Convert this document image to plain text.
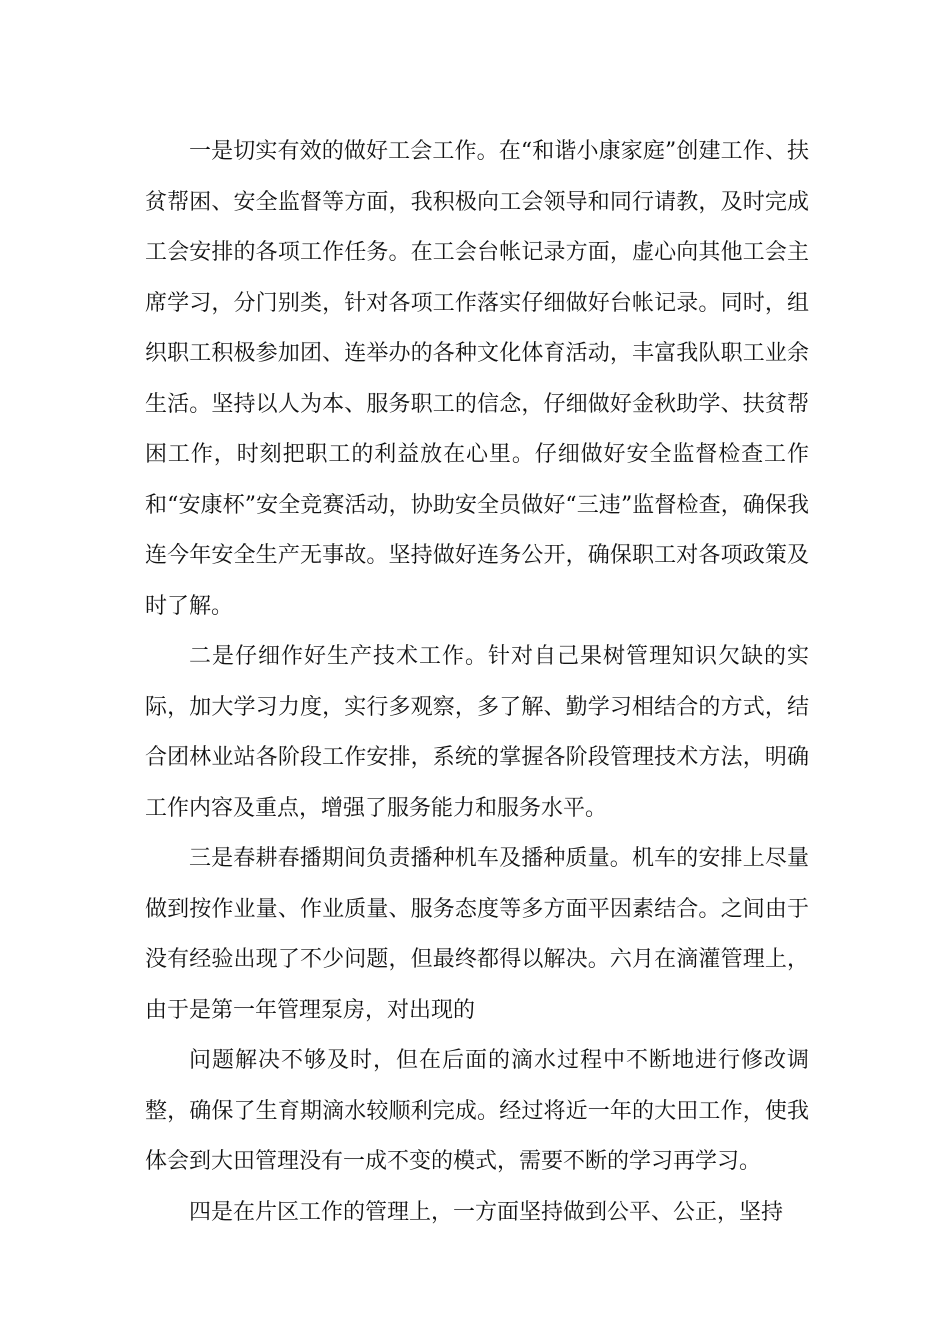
一是切实有效的做好工会工作。在“和谐小康家庭”创建工作、扶贫帮困、安全监督等方面，我积极向工会领导和同行请教，及时完成工会安排的各项工作任务。在工会台帐记录方面，虚心向其他工会主席学习，分门别类，针对各项工作落实仔细做好台帐记录。同时，组织职工积极参加团、连举办的各种文化体育活动，丰富我队职工业余生活。坚持以人为本、服务职工的信念，仔细做好金秋助学、扶贫帮困工作，时刻把职工的利益放在心里。仔细做好安全监督检查工作和“安康杯”安全竞赛活动，协助安全员做好“三违”监督检查，确保我连今年安全生产无事故。坚持做好连务公开，确保职工对各项政策及时了解。

二是仔细作好生产技术工作。针对自己果树管理知识欠缺的实际，加大学习力度，实行多观察，多了解、勤学习相结合的方式，结合团林业站各阶段工作安排，系统的掌握各阶段管理技术方法，明确工作内容及重点，增强了服务能力和服务水平。

三是春耕春播期间负责播种机车及播种质量。机车的安排上尽量做到按作业量、作业质量、服务态度等多方面平因素结合。之间由于没有经验出现了不少问题，但最终都得以解决。六月在滴灌管理上，由于是第一年管理泵房，对出现的

问题解决不够及时，但在后面的滴水过程中不断地进行修改调整，确保了生育期滴水较顺利完成。经过将近一年的大田工作，使我体会到大田管理没有一成不变的模式，需要不断的学习再学习。

四是在片区工作的管理上，一方面坚持做到公平、公正，坚持
